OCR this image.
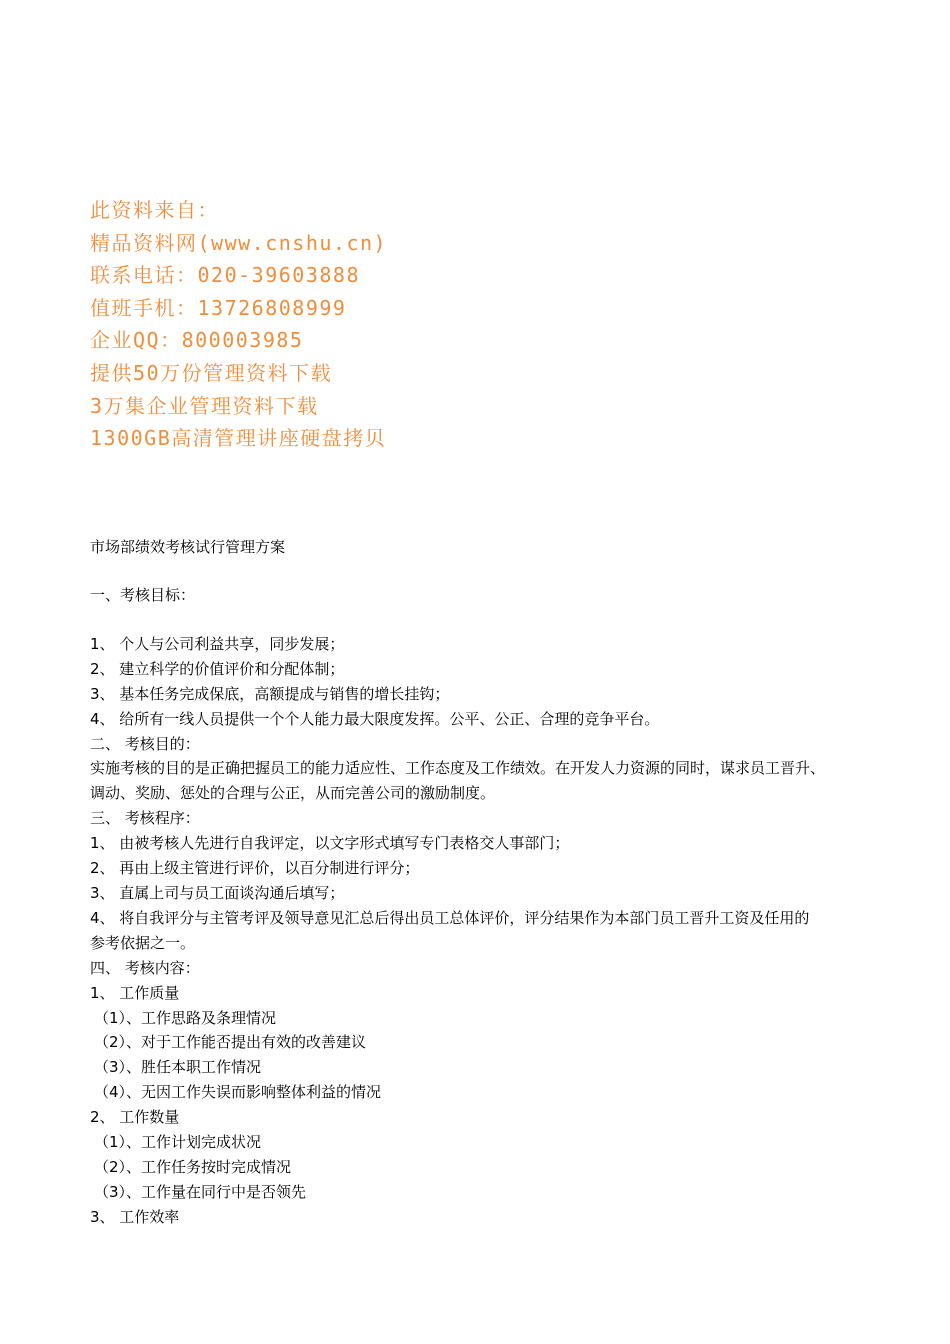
此资料来自：
精品资料网(www.cnshu.cn)
联系电话：020-39603888
值班手机：13726808999
企业QQ：800003985
提供50万份管理资料下载
3万集企业管理资料下载
1300GB高清管理讲座硬盘拷贝
市场部绩效考核试行管理方案
一、考核目标：
1、 个人与公司利益共享，同步发展；
2、 建立科学的价值评价和分配体制；
3、 基本任务完成保底，高额提成与销售的增长挂钩；
4、 给所有一线人员提供一个个人能力最大限度发挥。公平、公正、合理的竞争平台。
二、 考核目的：
实施考核的目的是正确把握员工的能力适应性、工作态度及工作绩效。在开发人力资源的同时，谋求员工晋升、
调动、奖励、惩处的合理与公正，从而完善公司的激励制度。
三、 考核程序：
1、 由被考核人先进行自我评定，以文字形式填写专门表格交人事部门；
2、 再由上级主管进行评价，以百分制进行评分；
3、 直属上司与员工面谈沟通后填写；
4、 将自我评分与主管考评及领导意见汇总后得出员工总体评价，评分结果作为本部门员工晋升工资及任用的
参考依据之一。
四、 考核内容：
1、 工作质量
（1）、工作思路及条理情况
（2）、对于工作能否提出有效的改善建议
（3）、胜任本职工作情况
（4）、无因工作失误而影响整体利益的情况
2、 工作数量
（1）、工作计划完成状况
（2）、工作任务按时完成情况
（3）、工作量在同行中是否领先
3、 工作效率
